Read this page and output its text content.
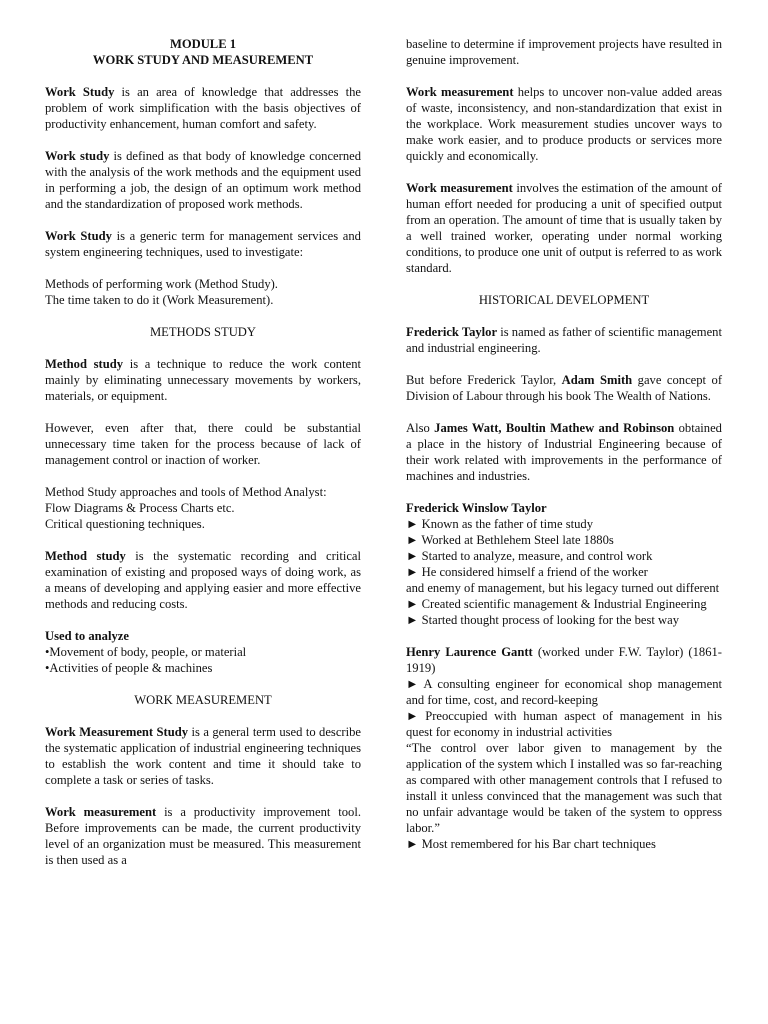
MODULE 1
WORK STUDY AND MEASUREMENT

Work Study is an area of knowledge that addresses the problem of work simplification with the basis objectives of productivity enhancement, human comfort and safety.

Work study is defined as that body of knowledge concerned with the analysis of the work methods and the equipment used in performing a job, the design of an optimum work method and the standardization of proposed work methods.

Work Study is a generic term for management services and system engineering techniques, used to investigate:

Methods of performing work (Method Study).
The time taken to do it (Work Measurement).

METHODS STUDY

Method study is a technique to reduce the work content mainly by eliminating unnecessary movements by workers, materials, or equipment.

However, even after that, there could be substantial unnecessary time taken for the process because of lack of management control or inaction of worker.

Method Study approaches and tools of Method Analyst:
Flow Diagrams & Process Charts etc.
Critical questioning techniques.

Method study is the systematic recording and critical examination of existing and proposed ways of doing work, as a means of developing and applying easier and more effective methods and reducing costs.

Used to analyze
•Movement of body, people, or material
•Activities of people & machines

WORK MEASUREMENT

Work Measurement Study is a general term used to describe the systematic application of industrial engineering techniques to establish the work content and time it should take to complete a task or series of tasks.

Work measurement is a productivity improvement tool. Before improvements can be made, the current productivity level of an organization must be measured. This measurement is then used as a

baseline to determine if improvement projects have resulted in genuine improvement.

Work measurement helps to uncover non-value added areas of waste, inconsistency, and non-standardization that exist in the workplace. Work measurement studies uncover ways to make work easier, and to produce products or services more quickly and economically.

Work measurement involves the estimation of the amount of human effort needed for producing a unit of specified output from an operation. The amount of time that is usually taken by a well trained worker, operating under normal working conditions, to produce one unit of output is referred to as work standard.

HISTORICAL DEVELOPMENT

Frederick Taylor is named as father of scientific management and industrial engineering.

But before Frederick Taylor, Adam Smith gave concept of Division of Labour through his book The Wealth of Nations.

Also James Watt, Boultin Mathew and Robinson obtained a place in the history of Industrial Engineering because of their work related with improvements in the performance of machines and industries.

Frederick Winslow Taylor
► Known as the father of time study
► Worked at Bethlehem Steel late 1880s
► Started to analyze, measure, and control work
► He considered himself a friend of the worker
and enemy of management, but his legacy turned out different
► Created scientific management & Industrial Engineering
► Started thought process of looking for the best way

Henry Laurence Gantt (worked under F.W. Taylor) (1861- 1919)
► A consulting engineer for economical shop management and for time, cost, and record-keeping
► Preoccupied with human aspect of management in his quest for economy in industrial activities
“The control over labor given to management by the application of the system which I installed was so far-reaching as compared with other management controls that I refused to install it unless convinced that the management was such that no unfair advantage would be taken of the system to oppress labor.”
► Most remembered for his Bar chart techniques
